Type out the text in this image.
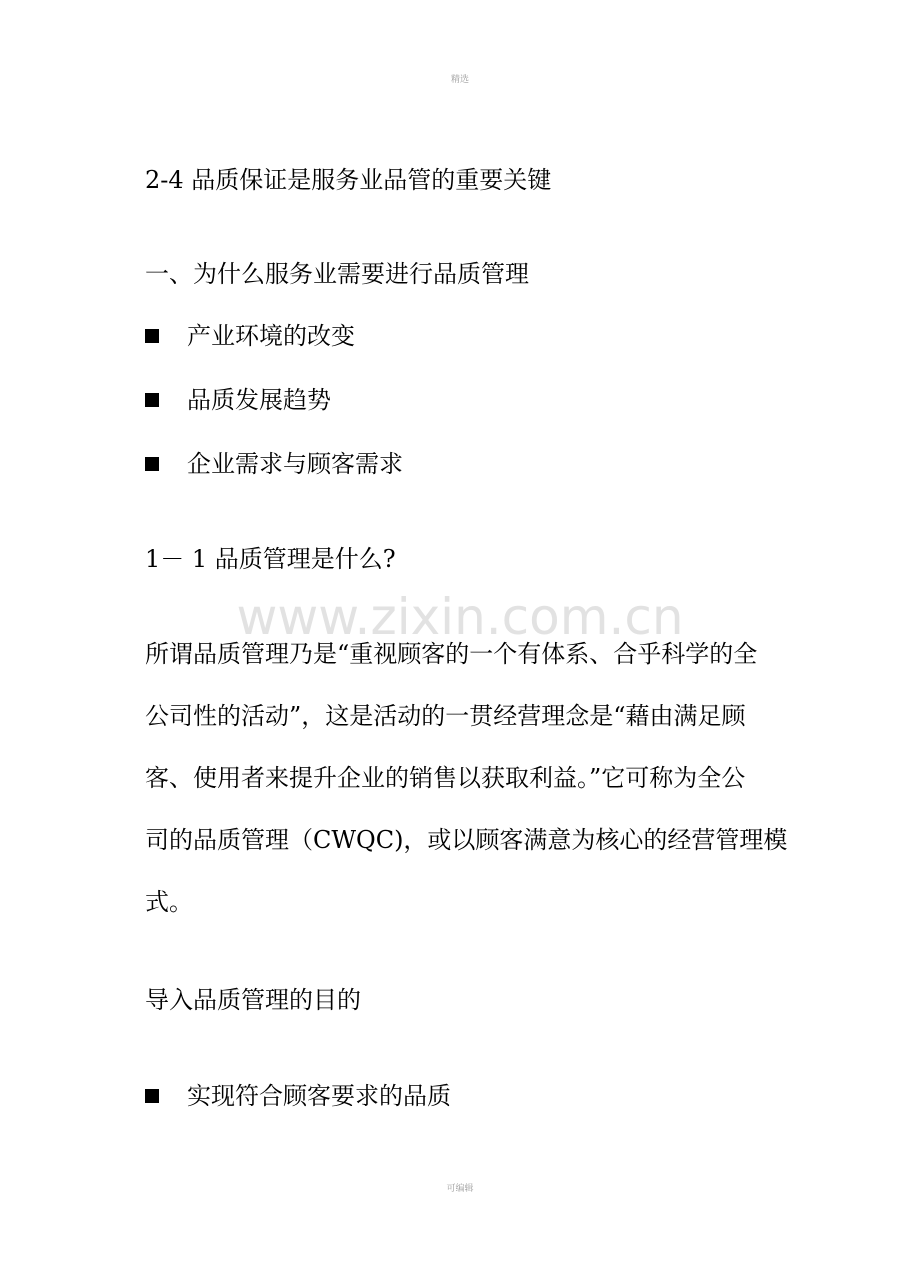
精选
www.zixin.com.cn
2-4 品质保证是服务业品管的重要关键
一、为什么服务业需要进行品质管理
产业环境的改变
品质发展趋势
企业需求与顾客需求
1－ 1 品质管理是什么?
所谓品质管理乃是“重视顾客的一个有体系、合乎科学的全
公司性的活动”，这是活动的一贯经营理念是“藉由满足顾
客、使用者来提升企业的销售以获取利益。”它可称为全公
司的品质管理（CWQC)，或以顾客满意为核心的经营管理模
式。
导入品质管理的目的
实现符合顾客要求的品质
可编辑
